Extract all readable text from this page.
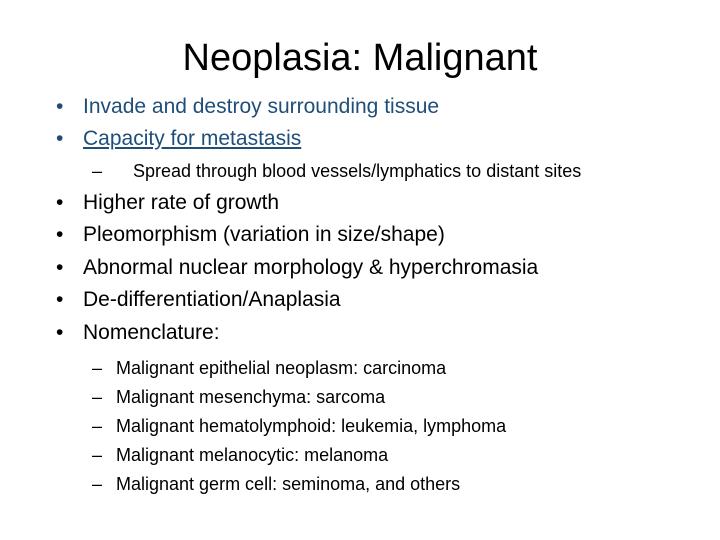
Neoplasia: Malignant
• Invade and destroy surrounding tissue
• Capacity for metastasis
–	Spread through blood vessels/lymphatics to distant sites
• Higher rate of growth
• Pleomorphism (variation in size/shape)
• Abnormal nuclear morphology & hyperchromasia
• De-differentiation/Anaplasia
• Nomenclature:
– Malignant epithelial neoplasm: carcinoma
– Malignant mesenchyma: sarcoma
– Malignant hematolymphoid: leukemia, lymphoma
– Malignant melanocytic: melanoma
– Malignant germ cell: seminoma, and others
